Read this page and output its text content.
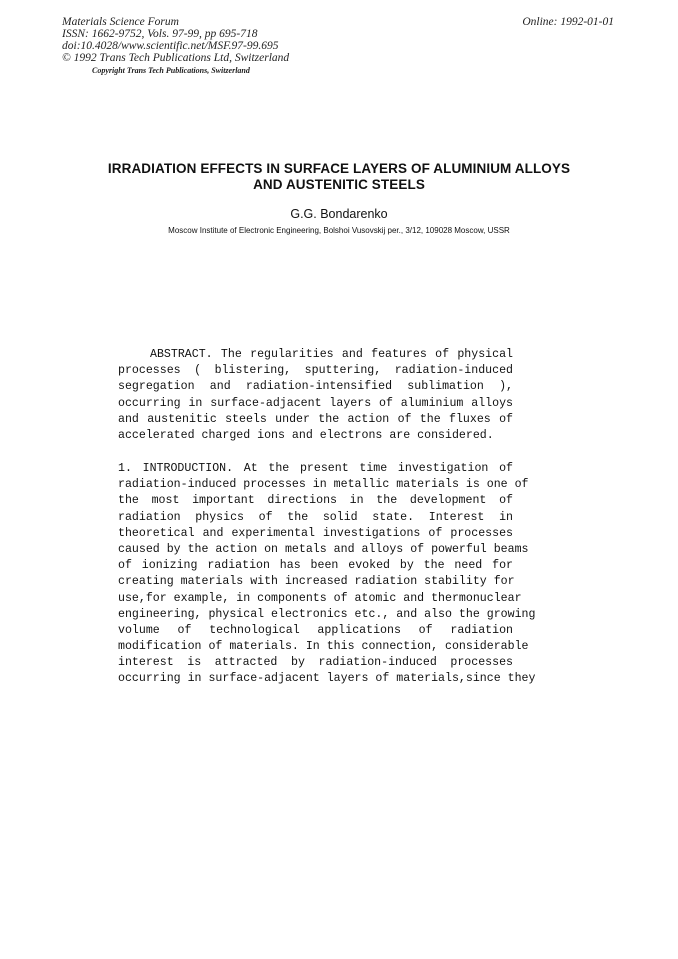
Materials Science Forum
ISSN: 1662-9752, Vols. 97-99, pp 695-718
doi:10.4028/www.scientific.net/MSF.97-99.695
© 1992 Trans Tech Publications Ltd, Switzerland
Copyright Trans Tech Publications, Switzerland
Online: 1992-01-01
IRRADIATION EFFECTS IN SURFACE LAYERS OF ALUMINIUM ALLOYS
AND AUSTENITIC STEELS
G.G. Bondarenko
Moscow Institute of Electronic Engineering, Bolshoi Vusovskij per., 3/12, 109028 Moscow, USSR
ABSTRACT. The regularities and features of physical
processes ( blistering, sputtering, radiation-induced
segregation and radiation-intensified sublimation ),
occurring in surface-adjacent layers of aluminium alloys
and austenitic steels under the action of the fluxes of
accelerated charged ions and electrons are considered.
1. INTRODUCTION. At the present time investigation of
radiation-induced processes in metallic materials is one of
the most important directions in the development of
radiation physics of the solid state. Interest in
theoretical and experimental investigations of processes
caused by the action on metals and alloys of powerful beams
of ionizing radiation has been evoked by the need for
creating materials with increased radiation stability for
use,for example, in components of atomic and thermonuclear
engineering, physical electronics etc., and also the growing
volume of technological applications of radiation
modification of materials. In this connection, considerable
interest is attracted by radiation-induced processes
occurring in surface-adjacent layers of materials,since they
